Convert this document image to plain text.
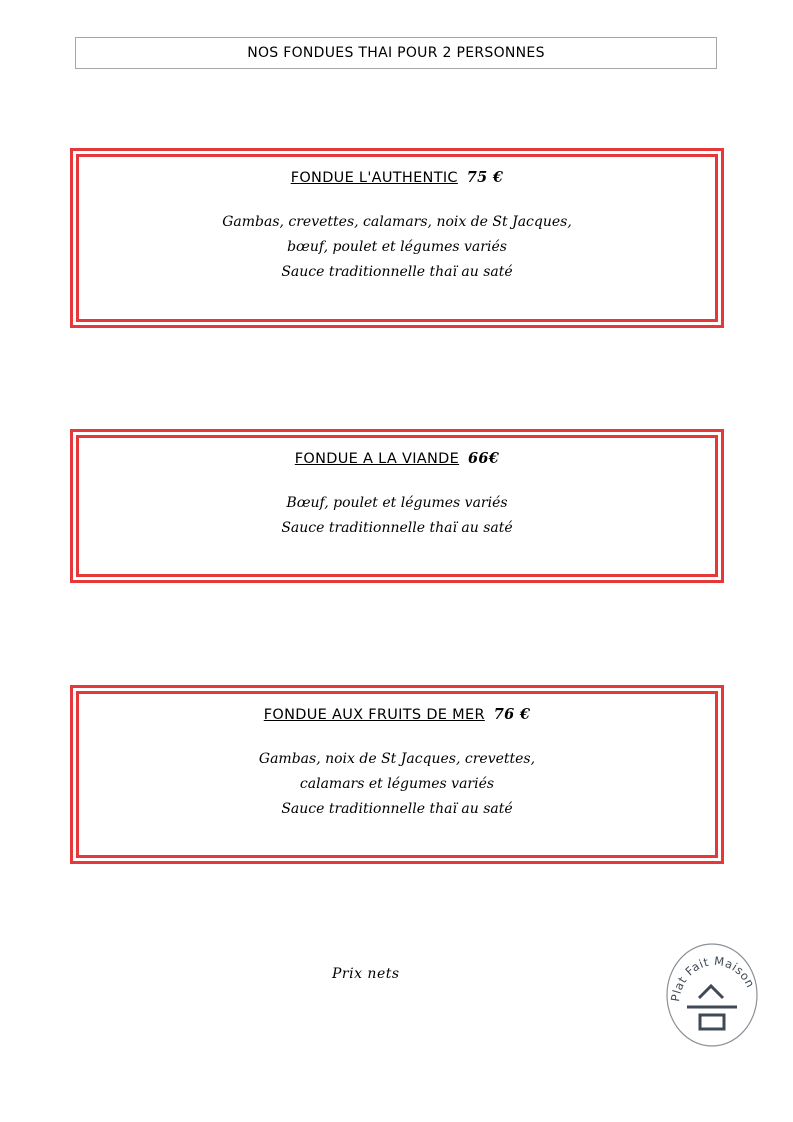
NOS FONDUES THAI POUR 2 PERSONNES

FONDUE L'AUTHENTIC 75 €

Gambas, crevettes, calamars, noix de St Jacques,

bœuf, poulet et légumes variés

Sauce traditionnelle thaï au saté

FONDUE A LA VIANDE 66€

Bœuf, poulet et légumes variés

Sauce traditionnelle thaï au saté

FONDUE AUX FRUITS DE MER 76 €

Gambas, noix de St Jacques, crevettes,

calamars et légumes variés

Sauce traditionnelle thaï au saté

Prix nets
Plat Fait Maison
